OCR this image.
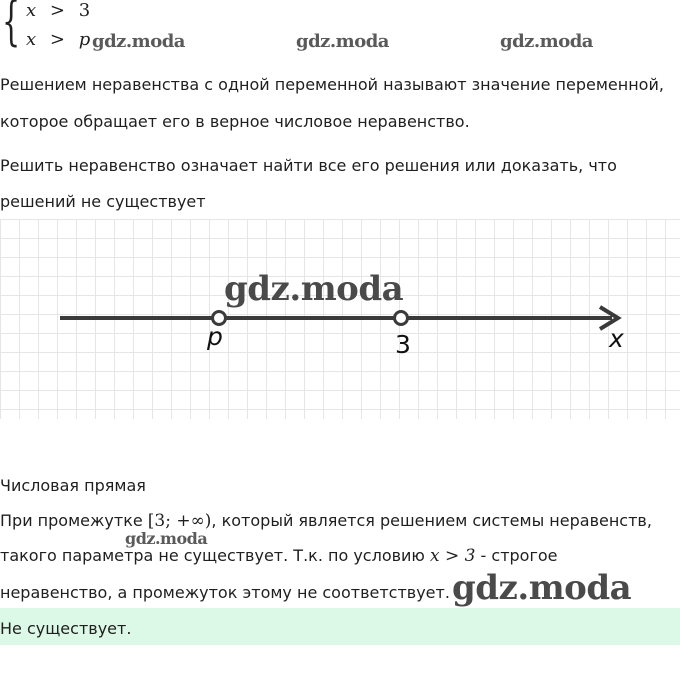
{ x > 3
x > p gdz.moda	gdz.moda	gdz.moda
Решением неравенства с одной переменной называют значение переменной,
которое обращает его в верное числовое неравенство.
Решить неравенство означает найти все его решения или доказать, что
решений не существует
p	3	x
gdz.moda
Числовая прямая
При промежутке [3; +∞), который является решением системы неравенств,
gdz.moda
такого параметра не существует. Т.к. по условию x > 3 - строгое
неравенство, а промежуток этому не соответствует. gdz.moda
Не существует.
